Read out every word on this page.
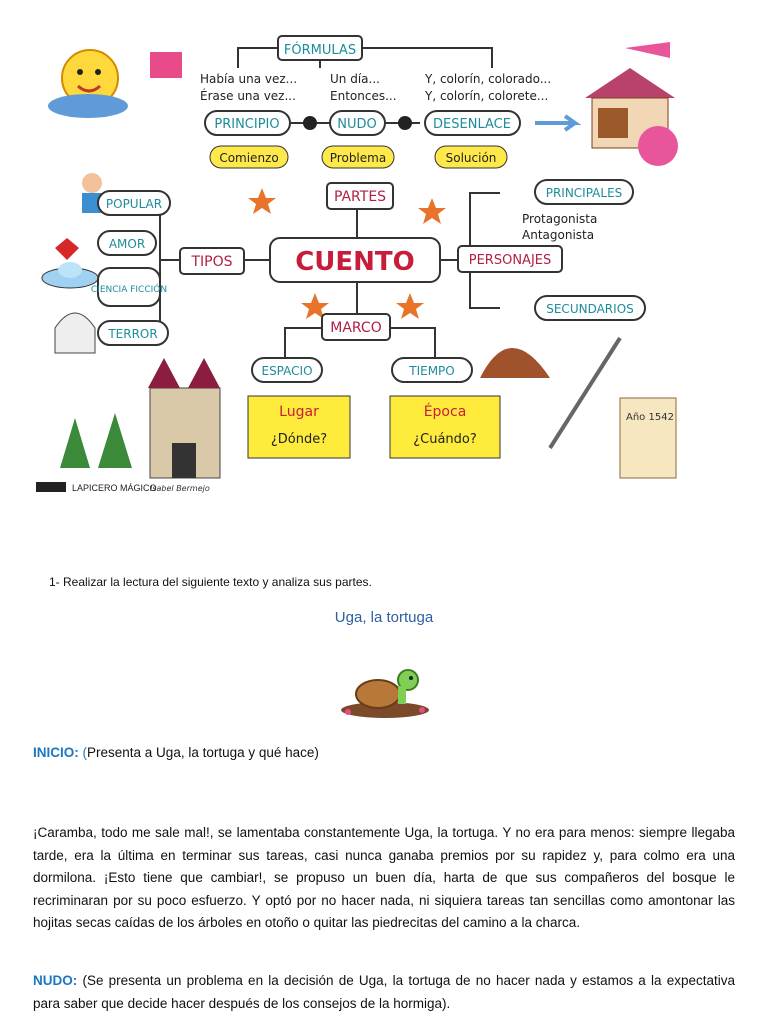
Año 1542
FÓRMULAS
Había una vez...
Érase una vez...
Un día...
Entonces...
Y, colorín, colorado...
Y, colorín, colorete...
PRINCIPIO	NUDO	DESENLACE
Comienzo	Problema	Solución
PARTES
CUENTO
TIPOS
POPULAR
AMOR
CIENCIA FICCIÓN
TERROR
PERSONAJES
PRINCIPALES
Protagonista
Antagonista
SECUNDARIOS
MARCO
ESPACIO	TIEMPO
Lugar
¿Dónde?
Época
¿Cuándo?
LAPICERO MÁGICO
Isabel Bermejo
1- Realizar la lectura del siguiente texto y analiza sus partes.
Uga, la tortuga
INICIO: (Presenta a Uga, la tortuga y qué hace)
¡Caramba, todo me sale mal!, se lamentaba constantemente Uga, la tortuga. Y no era para menos: siempre llegaba tarde, era la última en terminar sus tareas, casi nunca ganaba premios por su rapidez y, para colmo era una dormilona. ¡Esto tiene que cambiar!, se propuso un buen día, harta de que sus compañeros del bosque le recriminaran por su poco esfuerzo. Y optó por no hacer nada, ni siquiera tareas tan sencillas como amontonar las hojitas secas caídas de los árboles en otoño o quitar las piedrecitas del camino a la charca.
NUDO: (Se presenta un problema en la decisión de Uga, la tortuga de no hacer nada y estamos a la expectativa para saber que decide hacer después de los consejos de la hormiga).
